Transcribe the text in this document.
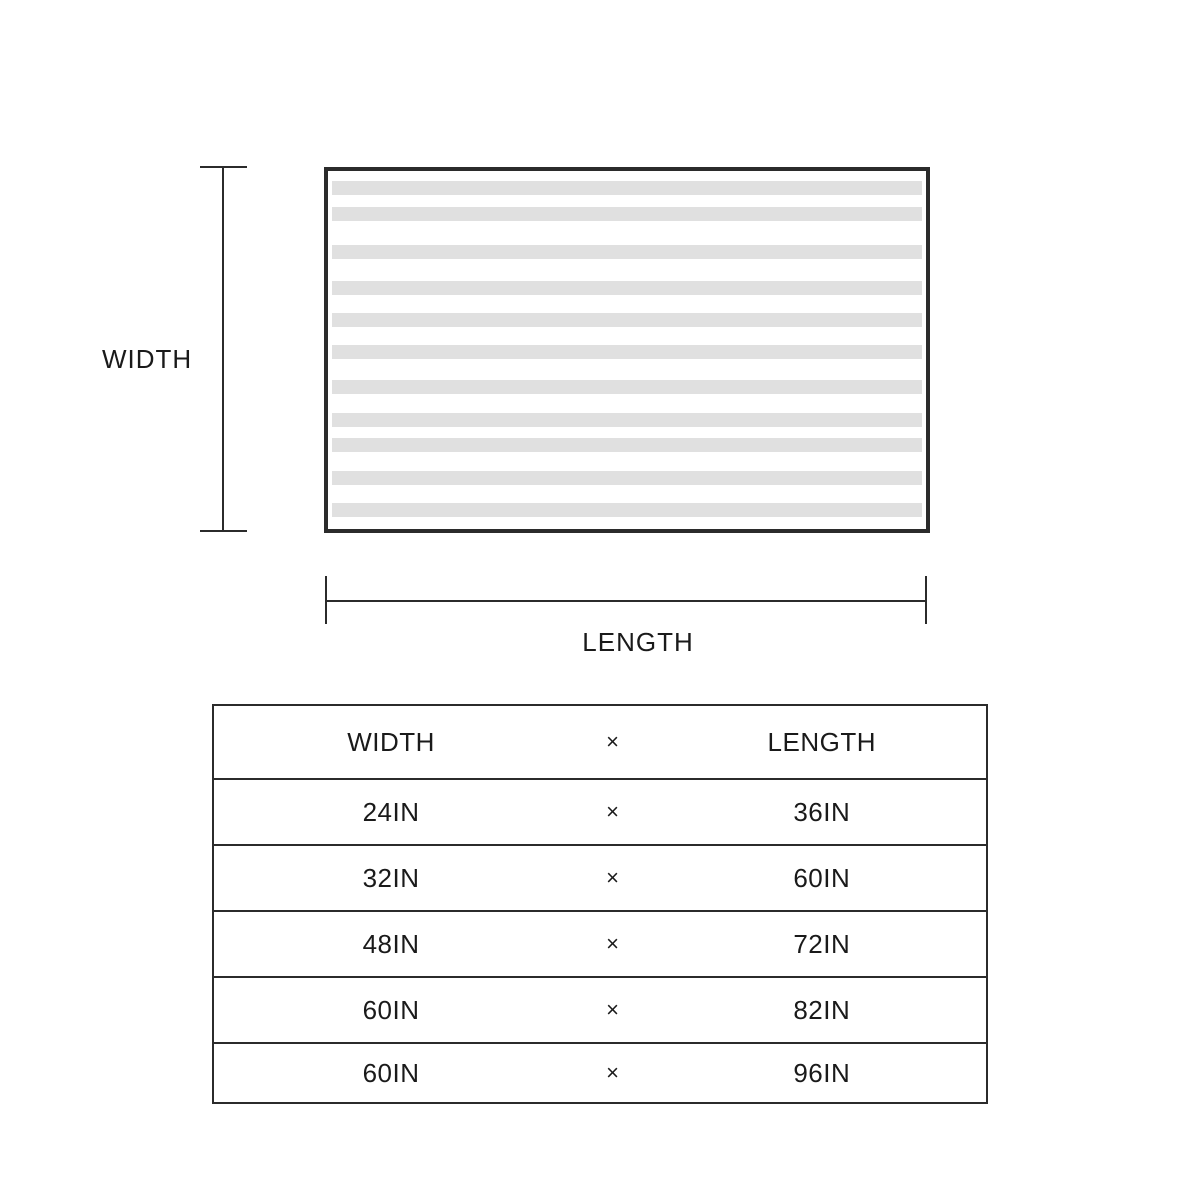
WIDTH
LENGTH
WIDTH	×	LENGTH
24IN	×	36IN
32IN	×	60IN
48IN	×	72IN
60IN	×	82IN
60IN	×	96IN
